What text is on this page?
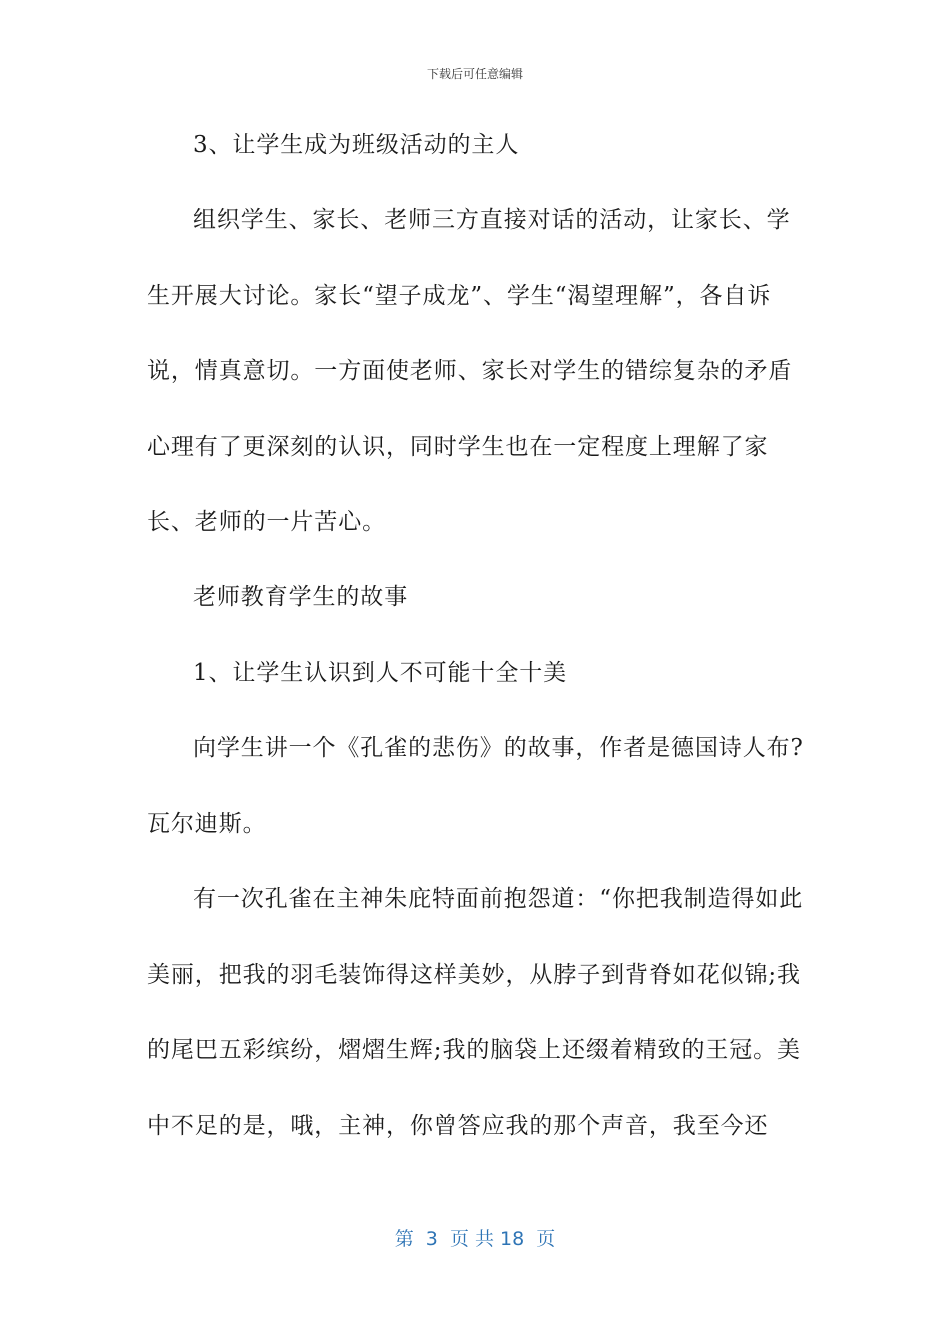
下载后可任意编辑

3、让学生成为班级活动的主人

组织学生、家长、老师三方直接对话的活动，让家长、学生开展大讨论。家长“望子成龙”、学生“渴望理解”，各自诉说，情真意切。一方面使老师、家长对学生的错综复杂的矛盾心理有了更深刻的认识，同时学生也在一定程度上理解了家长、老师的一片苦心。

老师教育学生的故事

1、让学生认识到人不可能十全十美

向学生讲一个《孔雀的悲伤》的故事，作者是德国诗人布?瓦尔迪斯。

有一次孔雀在主神朱庇特面前抱怨道：“你把我制造得如此美丽，把我的羽毛装饰得这样美妙，从脖子到背脊如花似锦;我的尾巴五彩缤纷，熠熠生辉;我的脑袋上还缀着精致的王冠。美中不足的是，哦，主神，你曾答应我的那个声音，我至今还

第  3  页 共 18  页
